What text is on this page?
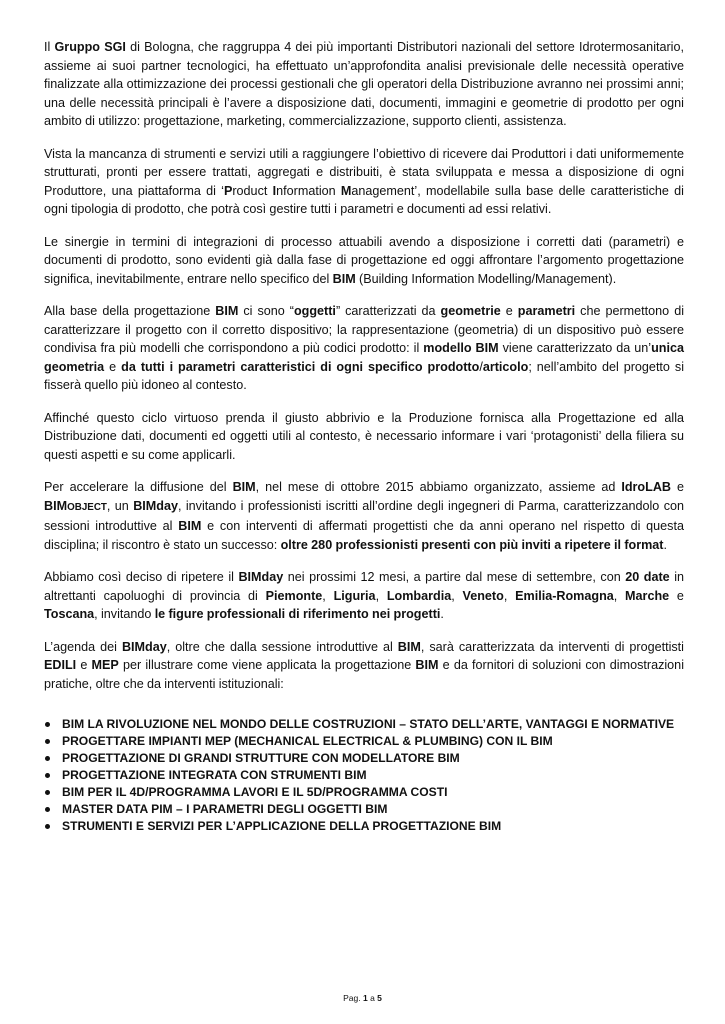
Il Gruppo SGI di Bologna, che raggruppa 4 dei più importanti Distributori nazionali del settore Idrotermosanitario, assieme ai suoi partner tecnologici, ha effettuato un’approfondita analisi previsionale delle necessità operative finalizzate alla ottimizzazione dei processi gestionali che gli operatori della Distribuzione avranno nei prossimi anni; una delle necessità principali è l’avere a disposizione dati, documenti, immagini e geometrie di prodotto per ogni ambito di utilizzo: progettazione, marketing, commercializzazione, supporto clienti, assistenza.

Vista la mancanza di strumenti e servizi utili a raggiungere l’obiettivo di ricevere dai Produttori i dati uniformemente strutturati, pronti per essere trattati, aggregati e distribuiti, è stata sviluppata e messa a disposizione di ogni Produttore, una piattaforma di ‘Product Information Management’, modellabile sulla base delle caratteristiche di ogni tipologia di prodotto, che potrà così gestire tutti i parametri e documenti ad essi relativi.

Le sinergie in termini di integrazioni di processo attuabili avendo a disposizione i corretti dati (parametri) e documenti di prodotto, sono evidenti già dalla fase di progettazione ed oggi affrontare l’argomento progettazione significa, inevitabilmente, entrare nello specifico del BIM (Building Information Modelling/Management).

Alla base della progettazione BIM ci sono “oggetti” caratterizzati da geometrie e parametri che permettono di caratterizzare il progetto con il corretto dispositivo; la rappresentazione (geometria) di un dispositivo può essere condivisa fra più modelli che corrispondono a più codici prodotto: il modello BIM viene caratterizzato da un’unica geometria e da tutti i parametri caratteristici di ogni specifico prodotto/articolo; nell’ambito del progetto si fisserà quello più idoneo al contesto.

Affinché questo ciclo virtuoso prenda il giusto abbrivio e la Produzione fornisca alla Progettazione ed alla Distribuzione dati, documenti ed oggetti utili al contesto, è necessario informare i vari ‘protagonisti’ della filiera su questi aspetti e su come applicarli.

Per accelerare la diffusione del BIM, nel mese di ottobre 2015 abbiamo organizzato, assieme ad IdroLAB e BIMOBJECT, un BIMday, invitando i professionisti iscritti all’ordine degli ingegneri di Parma, caratterizzandolo con sessioni introduttive al BIM e con interventi di affermati progettisti che da anni operano nel rispetto di questa disciplina; il riscontro è stato un successo: oltre 280 professionisti presenti con più inviti a ripetere il format.

Abbiamo così deciso di ripetere il BIMday nei prossimi 12 mesi, a partire dal mese di settembre, con 20 date in altrettanti capoluoghi di provincia di Piemonte, Liguria, Lombardia, Veneto, Emilia-Romagna, Marche e Toscana, invitando le figure professionali di riferimento nei progetti.

L’agenda dei BIMday, oltre che dalla sessione introduttive al BIM, sarà caratterizzata da interventi di progettisti EDILI e MEP per illustrare come viene applicata la progettazione BIM e da fornitori di soluzioni con dimostrazioni pratiche, oltre che da interventi istituzionali:

BIM LA RIVOLUZIONE NEL MONDO DELLE COSTRUZIONI – STATO DELL’ARTE, VANTAGGI E NORMATIVE
PROGETTARE IMPIANTI MEP (MECHANICAL ELECTRICAL & PLUMBING) CON IL BIM
PROGETTAZIONE DI GRANDI STRUTTURE CON MODELLATORE BIM
PROGETTAZIONE INTEGRATA CON STRUMENTI BIM
BIM PER IL 4D/PROGRAMMA LAVORI E IL 5D/PROGRAMMA COSTI
MASTER DATA PIM – I PARAMETRI DEGLI OGGETTI BIM
STRUMENTI E SERVIZI PER L’APPLICAZIONE DELLA PROGETTAZIONE BIM
Pag. 1 a 5
